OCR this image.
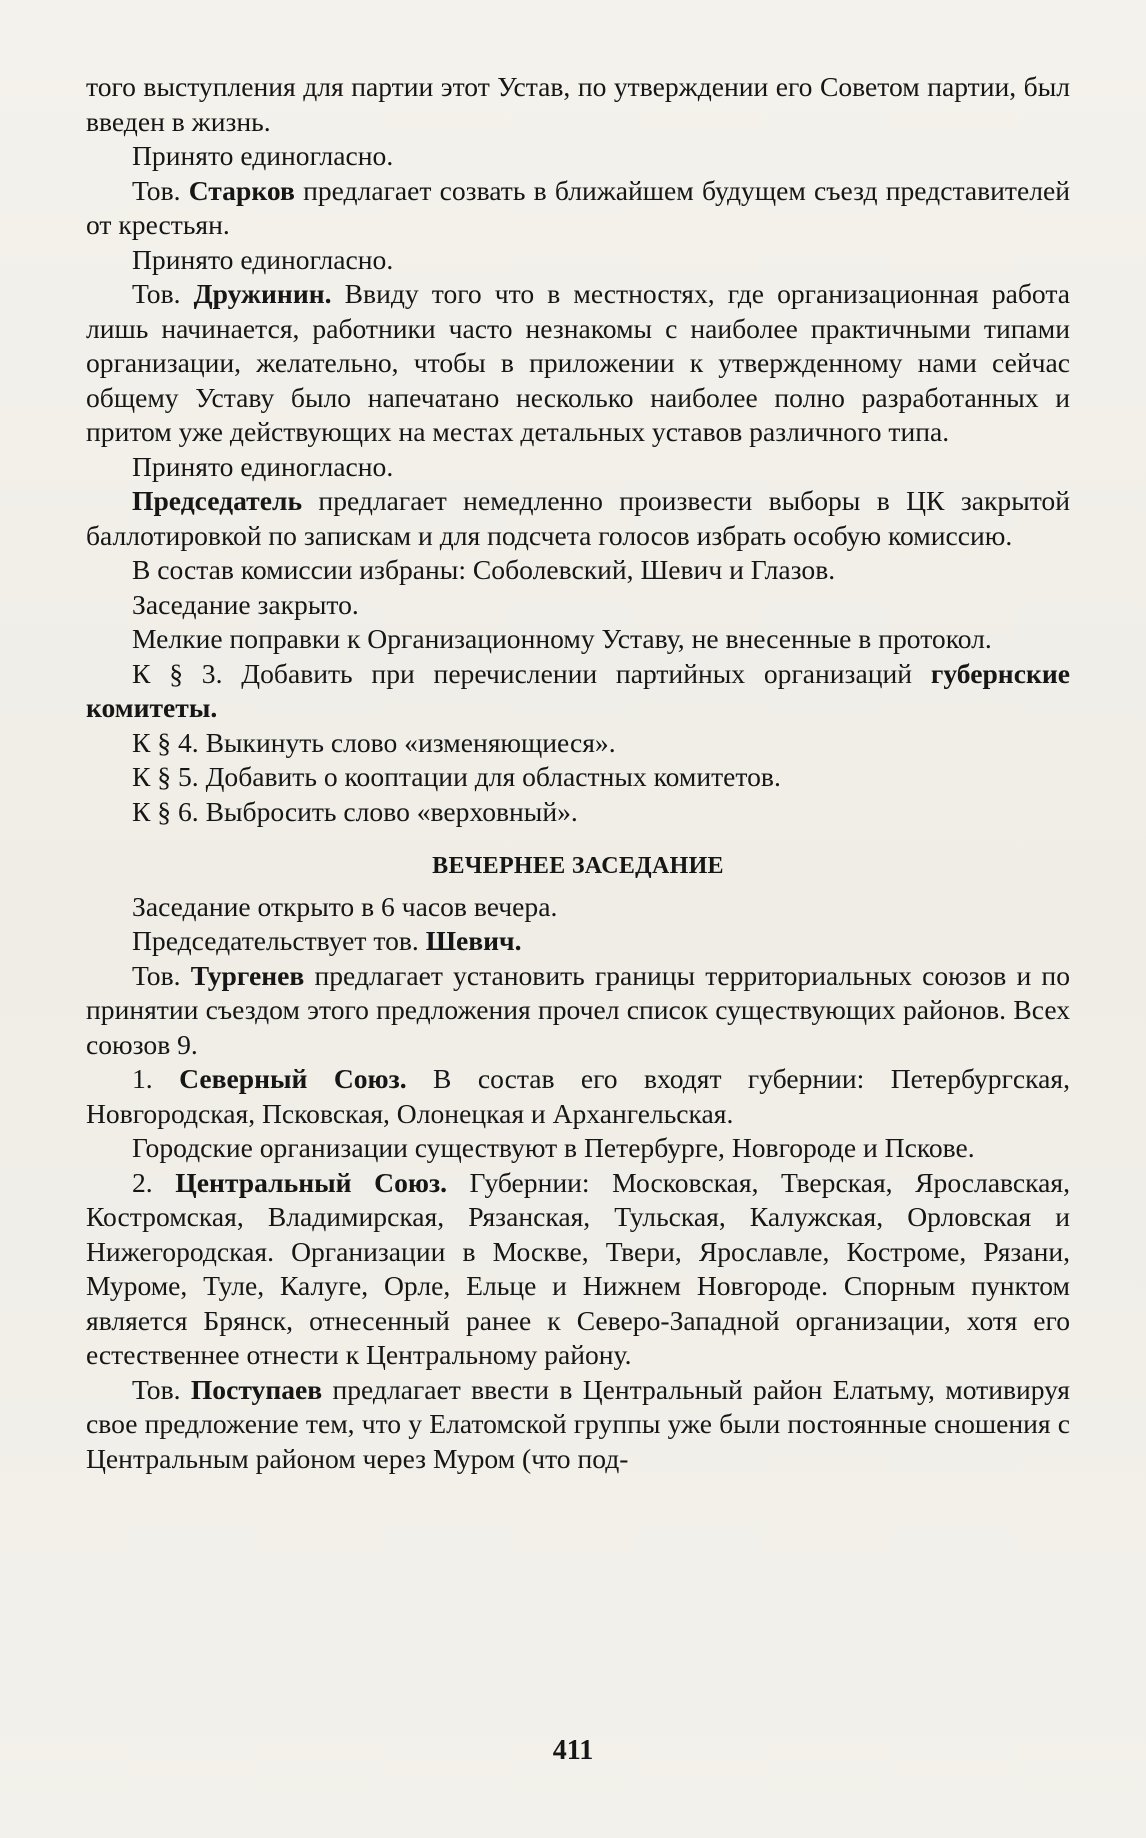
того выступления для партии этот Устав, по утверждении его Советом партии, был введен в жизнь.

Принято единогласно.

Тов. Старков предлагает созвать в ближайшем будущем съезд представителей от крестьян.

Принято единогласно.

Тов. Дружинин. Ввиду того что в местностях, где организационная работа лишь начинается, работники часто незнакомы с наиболее практичными типами организации, желательно, чтобы в приложении к утвержденному нами сейчас общему Уставу было напечатано несколько наиболее полно разработанных и притом уже действующих на местах детальных уставов различного типа.

Принято единогласно.

Председатель предлагает немедленно произвести выборы в ЦК закрытой баллотировкой по запискам и для подсчета голосов избрать особую комиссию.

В состав комиссии избраны: Соболевский, Шевич и Глазов.

Заседание закрыто.

Мелкие поправки к Организационному Уставу, не внесенные в протокол.

К § 3. Добавить при перечислении партийных организаций губернские комитеты.

К § 4. Выкинуть слово «изменяющиеся».

К § 5. Добавить о кооптации для областных комитетов.

К § 6. Выбросить слово «верховный».

ВЕЧЕРНЕЕ ЗАСЕДАНИЕ

Заседание открыто в 6 часов вечера.

Председательствует тов. Шевич.

Тов. Тургенев предлагает установить границы территориальных союзов и по принятии съездом этого предложения прочел список существующих районов. Всех союзов 9.

1. Северный Союз. В состав его входят губернии: Петербургская, Новгородская, Псковская, Олонецкая и Архангельская.

Городские организации существуют в Петербурге, Новгороде и Пскове.

2. Центральный Союз. Губернии: Московская, Тверская, Ярославская, Костромская, Владимирская, Рязанская, Тульская, Калужская, Орловская и Нижегородская. Организации в Москве, Твери, Ярославле, Костроме, Рязани, Муроме, Туле, Калуге, Орле, Ельце и Нижнем Новгороде. Спорным пунктом является Брянск, отнесенный ранее к Северо-Западной организации, хотя его естественнее отнести к Центральному району.

Тов. Поступаев предлагает ввести в Центральный район Елатьму, мотивируя свое предложение тем, что у Елатомской группы уже были постоянные сношения с Центральным районом через Муром (что под-

411
